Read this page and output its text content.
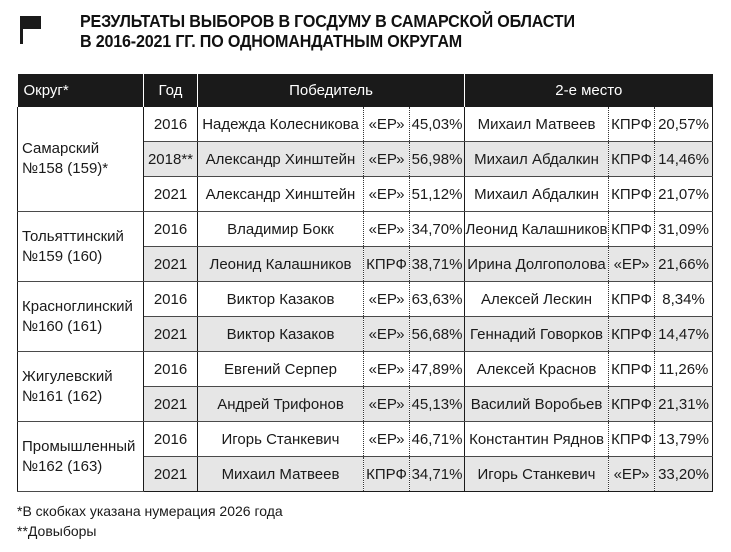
РЕЗУЛЬТАТЫ ВЫБОРОВ В ГОСДУМУ В САМАРСКОЙ ОБЛАСТИ
В 2016-2021 ГГ. ПО ОДНОМАНДАТНЫМ ОКРУГАМ
Округ*	Год	Победитель			2-е место		
Самарский №158 (159)*	2016	Надежда Колесникова	«ЕР»	45,03%	Михаил Матвеев	КПРФ	20,57%
	2018**	Александр Хинштейн	«ЕР»	56,98%	Михаил Абдалкин	КПРФ	14,46%
	2021	Александр Хинштейн	«ЕР»	51,12%	Михаил Абдалкин	КПРФ	21,07%
Тольяттинский №159 (160)	2016	Владимир Бокк	«ЕР»	34,70%	Леонид Калашников	КПРФ	31,09%
	2021	Леонид Калашников	КПРФ	38,71%	Ирина Долгополова	«ЕР»	21,66%
Красноглинский №160 (161)	2016	Виктор Казаков	«ЕР»	63,63%	Алексей Лескин	КПРФ	8,34%
	2021	Виктор Казаков	«ЕР»	56,68%	Геннадий Говорков	КПРФ	14,47%
Жигулевский №161 (162)	2016	Евгений Серпер	«ЕР»	47,89%	Алексей Краснов	КПРФ	11,26%
	2021	Андрей Трифонов	«ЕР»	45,13%	Василий Воробьев	КПРФ	21,31%
Промышленный №162 (163)	2016	Игорь Станкевич	«ЕР»	46,71%	Константин Ряднов	КПРФ	13,79%
	2021	Михаил Матвеев	КПРФ	34,71%	Игорь Станкевич	«ЕР»	33,20%
*В скобках указана нумерация 2026 года
**Довыборы
